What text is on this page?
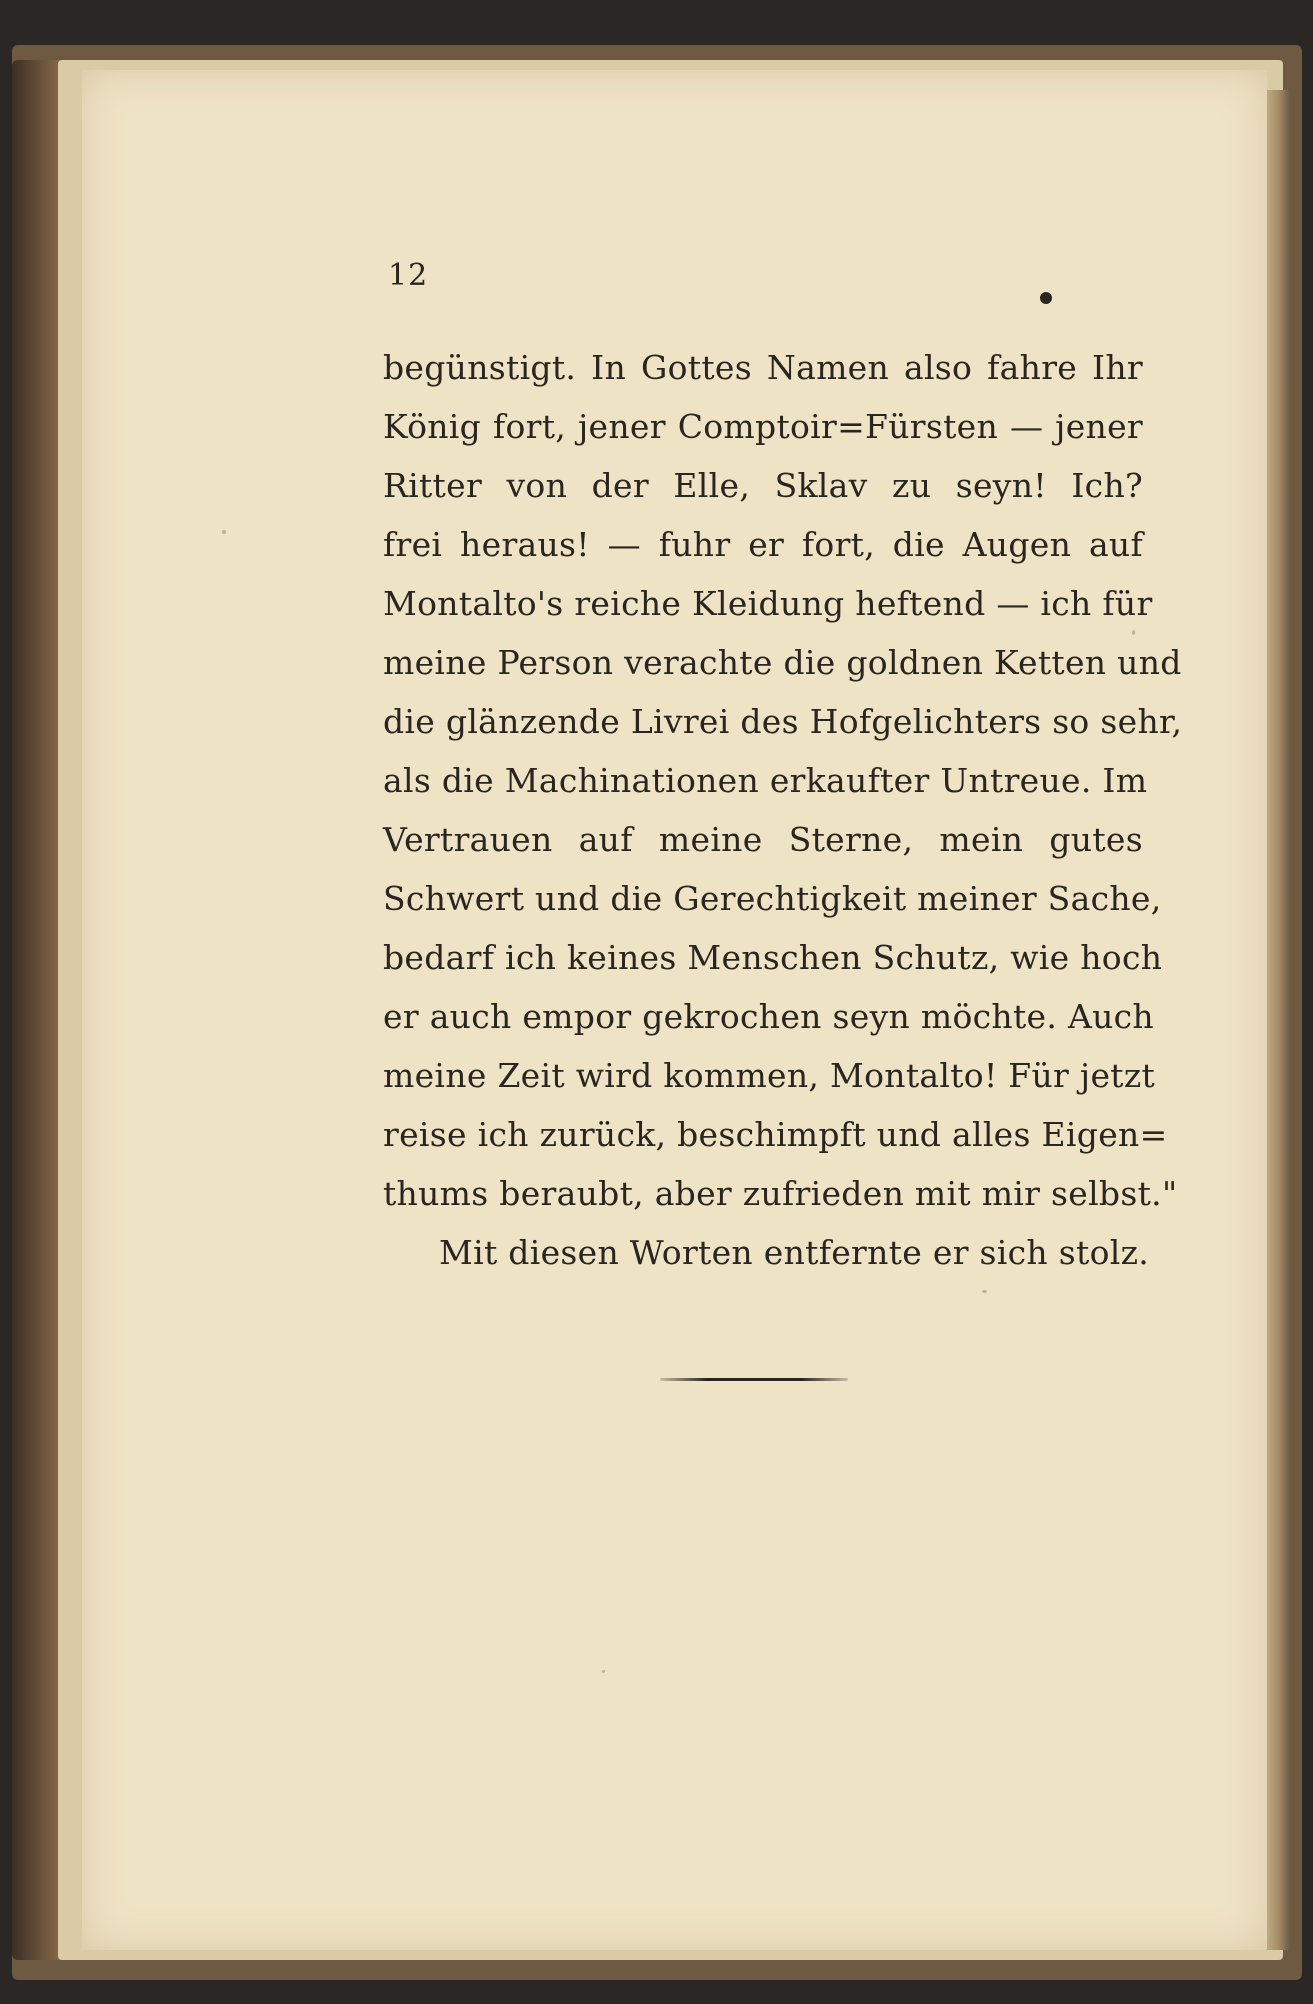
12
begünstigt. In Gottes Namen also fahre Ihr
König fort, jener Comptoir=Fürsten — jener
Ritter von der Elle, Sklav zu seyn! Ich?
frei heraus! — fuhr er fort, die Augen auf
Montalto's reiche Kleidung heftend — ich für
meine Person verachte die goldnen Ketten und
die glänzende Livrei des Hofgelichters so sehr,
als die Machinationen erkaufter Untreue. Im
Vertrauen auf meine Sterne, mein gutes
Schwert und die Gerechtigkeit meiner Sache,
bedarf ich keines Menschen Schutz, wie hoch
er auch empor gekrochen seyn möchte. Auch
meine Zeit wird kommen, Montalto! Für jetzt
reise ich zurück, beschimpft und alles Eigen=
thums beraubt, aber zufrieden mit mir selbst."
Mit diesen Worten entfernte er sich stolz.
